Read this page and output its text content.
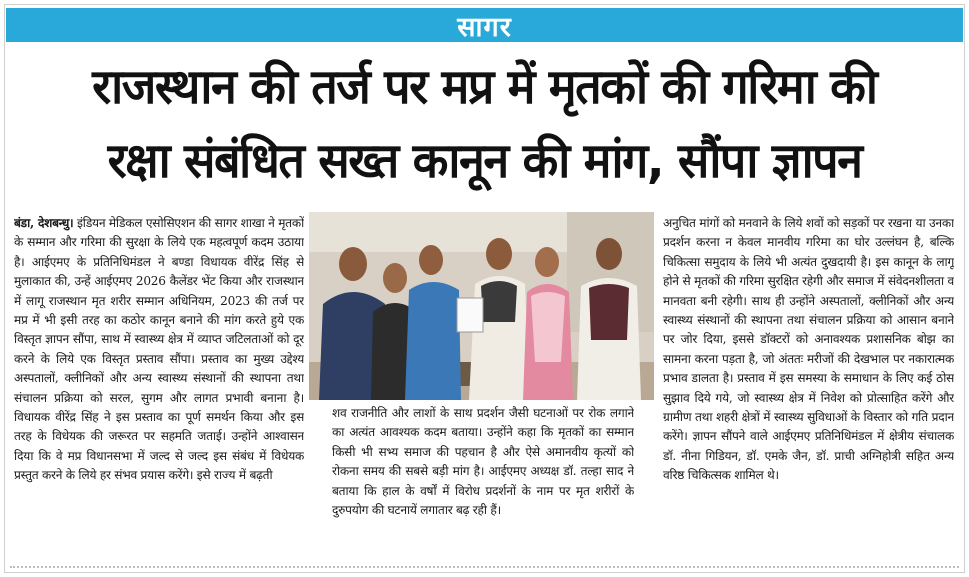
सागर
राजस्थान की तर्ज पर मप्र में मृतकों की गरिमा की
रक्षा संबंधित सख्त कानून की मांग, सौंपा ज्ञापन

बंडा, देशबन्धु। इंडियन मेडिकल एसोसिएशन की सागर शाखा ने मृतकों के सम्मान और गरिमा की सुरक्षा के लिये एक महत्वपूर्ण कदम उठाया है। आईएमए के प्रतिनिधिमंडल ने बण्डा विधायक वीरेंद्र सिंह से मुलाकात की, उन्हें आईएमए 2026 कैलेंडर भेंट किया और राजस्थान में लागू राजस्थान मृत शरीर सम्मान अधिनियम, 2023 की तर्ज पर मप्र में भी इसी तरह का कठोर कानून बनाने की मांग करते हुये एक विस्तृत ज्ञापन सौंपा, साथ में स्वास्थ्य क्षेत्र में व्याप्त जटिलताओं को दूर करने के लिये एक विस्तृत प्रस्ताव सौंपा। प्रस्ताव का मुख्य उद्देश्य अस्पतालों, क्लीनिकों और अन्य स्वास्थ्य संस्थानों की स्थापना तथा संचालन प्रक्रिया को सरल, सुगम और लागत प्रभावी बनाना है। विधायक वीरेंद्र सिंह ने इस प्रस्ताव का पूर्ण समर्थन किया और इस तरह के विधेयक की जरूरत पर सहमति जताई। उन्होंने आश्वासन दिया कि वे मप्र विधानसभा में जल्द से जल्द इस संबंध में विधेयक प्रस्तुत करने के लिये हर संभव प्रयास करेंगे। इसे राज्य में बढ़ती

शव राजनीति और लाशों के साथ प्रदर्शन जैसी घटनाओं पर रोक लगाने का अत्यंत आवश्यक कदम बताया। उन्होंने कहा कि मृतकों का सम्मान किसी भी सभ्य समाज की पहचान है और ऐसे अमानवीय कृत्यों को रोकना समय की सबसे बड़ी मांग है। आईएमए अध्यक्ष डॉ. तल्हा साद ने बताया कि हाल के वर्षों में विरोध प्रदर्शनों के नाम पर मृत शरीरों के दुरुपयोग की घटनायें लगातार बढ़ रही हैं।

अनुचित मांगों को मनवाने के लिये शवों को सड़कों पर रखना या उनका प्रदर्शन करना न केवल मानवीय गरिमा का घोर उल्लंघन है, बल्कि चिकित्सा समुदाय के लिये भी अत्यंत दुखदायी है। इस कानून के लागू होने से मृतकों की गरिमा सुरक्षित रहेगी और समाज में संवेदनशीलता व मानवता बनी रहेगी। साथ ही उन्होंने अस्पतालों, क्लीनिकों और अन्य स्वास्थ्य संस्थानों की स्थापना तथा संचालन प्रक्रिया को आसान बनाने पर जोर दिया, इससे डॉक्टरों को अनावश्यक प्रशासनिक बोझ का सामना करना पड़ता है, जो अंततः मरीजों की देखभाल पर नकारात्मक प्रभाव डालता है। प्रस्ताव में इस समस्या के समाधान के लिए कई ठोस सुझाव दिये गये, जो स्वास्थ्य क्षेत्र में निवेश को प्रोत्साहित करेंगे और ग्रामीण तथा शहरी क्षेत्रों में स्वास्थ्य सुविधाओं के विस्तार को गति प्रदान करेंगे। ज्ञापन सौंपने वाले आईएमए प्रतिनिधिमंडल में क्षेत्रीय संचालक डॉ. नीना गिडियन, डॉ. एमके जैन, डॉ. प्राची अग्निहोत्री सहित अन्य वरिष्ठ चिकित्सक शामिल थे।
